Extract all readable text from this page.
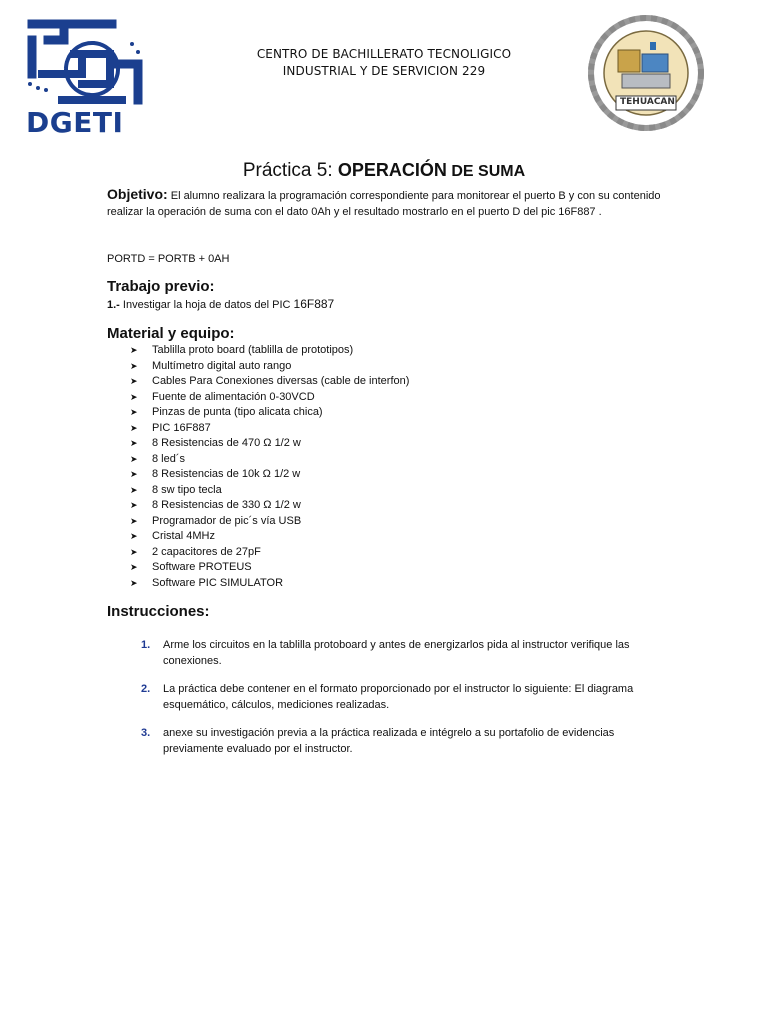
DGETI
CENTRO DE BACHILLERATO TECNOLIGICO
INDUSTRIAL Y DE SERVICION 229
TEHUACAN
Práctica 5: OPERACIÓN DE SUMA
Objetivo: El alumno realizara la programación correspondiente para monitorear el puerto B y con su contenido realizar la operación de suma con el dato 0Ah y el resultado mostrarlo en el puerto D del pic 16F887 .
PORTD = PORTB + 0AH
Trabajo previo:
1.- Investigar la hoja de datos del PIC 16F887
Material y equipo:
➤ Tablilla proto board (tablilla de prototipos)
➤ Multímetro digital auto rango
➤ Cables Para Conexiones diversas (cable de interfon)
➤ Fuente de alimentación 0-30VCD
➤ Pinzas de punta (tipo alicata chica)
➤ PIC 16F887
➤ 8 Resistencias de 470 Ω 1/2 w
➤ 8 led´s
➤ 8 Resistencias de 10k Ω 1/2 w
➤ 8 sw tipo tecla
➤ 8 Resistencias de 330 Ω 1/2 w
➤ Programador de pic´s vía USB
➤ Cristal 4MHz
➤ 2 capacitores de 27pF
➤ Software PROTEUS
➤ Software PIC SIMULATOR
Instrucciones:
1.	Arme los circuitos en la tablilla protoboard y antes de energizarlos pida al instructor verifique las conexiones.
2.	La práctica debe contener en el formato proporcionado por el instructor lo siguiente: El diagrama esquemático, cálculos, mediciones realizadas.
3.	anexe su investigación previa a la práctica realizada e intégrelo a su portafolio de evidencias previamente evaluado por el instructor.
